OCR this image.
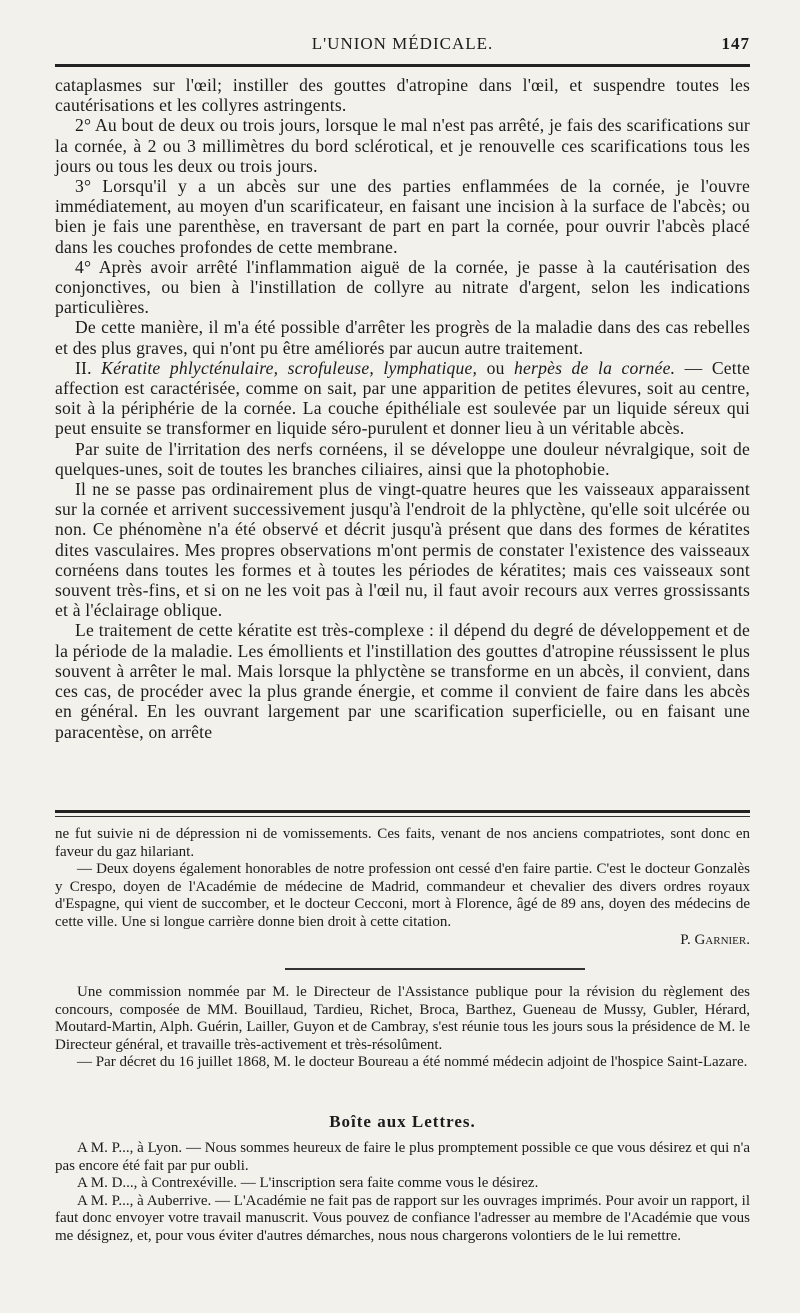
L'UNION MÉDICALE.	147

cataplasmes sur l'œil; instiller des gouttes d'atropine dans l'œil, et suspendre toutes les cautérisations et les collyres astringents.

2° Au bout de deux ou trois jours, lorsque le mal n'est pas arrêté, je fais des scarifications sur la cornée, à 2 ou 3 millimètres du bord sclérotical, et je renouvelle ces scarifications tous les jours ou tous les deux ou trois jours.

3° Lorsqu'il y a un abcès sur une des parties enflammées de la cornée, je l'ouvre immédiatement, au moyen d'un scarificateur, en faisant une incision à la surface de l'abcès; ou bien je fais une parenthèse, en traversant de part en part la cornée, pour ouvrir l'abcès placé dans les couches profondes de cette membrane.

4° Après avoir arrêté l'inflammation aiguë de la cornée, je passe à la cautérisation des conjonctives, ou bien à l'instillation de collyre au nitrate d'argent, selon les indications particulières.

De cette manière, il m'a été possible d'arrêter les progrès de la maladie dans des cas rebelles et des plus graves, qui n'ont pu être améliorés par aucun autre traitement.

II. Kératite phlycténulaire, scrofuleuse, lymphatique, ou herpès de la cornée. — Cette affection est caractérisée, comme on sait, par une apparition de petites élevures, soit au centre, soit à la périphérie de la cornée. La couche épithéliale est soulevée par un liquide séreux qui peut ensuite se transformer en liquide séro-purulent et donner lieu à un véritable abcès.

Par suite de l'irritation des nerfs cornéens, il se développe une douleur névralgique, soit de quelques-unes, soit de toutes les branches ciliaires, ainsi que la photophobie.

Il ne se passe pas ordinairement plus de vingt-quatre heures que les vaisseaux apparaissent sur la cornée et arrivent successivement jusqu'à l'endroit de la phlyctène, qu'elle soit ulcérée ou non. Ce phénomène n'a été observé et décrit jusqu'à présent que dans des formes de kératites dites vasculaires. Mes propres observations m'ont permis de constater l'existence des vaisseaux cornéens dans toutes les formes et à toutes les périodes de kératites; mais ces vaisseaux sont souvent très-fins, et si on ne les voit pas à l'œil nu, il faut avoir recours aux verres grossissants et à l'éclairage oblique.

Le traitement de cette kératite est très-complexe : il dépend du degré de développement et de la période de la maladie. Les émollients et l'instillation des gouttes d'atropine réussissent le plus souvent à arrêter le mal. Mais lorsque la phlyctène se transforme en un abcès, il convient, dans ces cas, de procéder avec la plus grande énergie, et comme il convient de faire dans les abcès en général. En les ouvrant largement par une scarification superficielle, ou en faisant une paracentèse, on arrête

ne fut suivie ni de dépression ni de vomissements. Ces faits, venant de nos anciens compatriotes, sont donc en faveur du gaz hilariant.

— Deux doyens également honorables de notre profession ont cessé d'en faire partie. C'est le docteur Gonzalès y Crespo, doyen de l'Académie de médecine de Madrid, commandeur et chevalier des divers ordres royaux d'Espagne, qui vient de succomber, et le docteur Cecconi, mort à Florence, âgé de 89 ans, doyen des médecins de cette ville. Une si longue carrière donne bien droit à cette citation.

P. Garnier.

Une commission nommée par M. le Directeur de l'Assistance publique pour la révision du règlement des concours, composée de MM. Bouillaud, Tardieu, Richet, Broca, Barthez, Gueneau de Mussy, Gubler, Hérard, Moutard-Martin, Alph. Guérin, Lailler, Guyon et de Cambray, s'est réunie tous les jours sous la présidence de M. le Directeur général, et travaille très-activement et très-résolûment.

— Par décret du 16 juillet 1868, M. le docteur Boureau a été nommé médecin adjoint de l'hospice Saint-Lazare.

Boîte aux Lettres.

A M. P..., à Lyon. — Nous sommes heureux de faire le plus promptement possible ce que vous désirez et qui n'a pas encore été fait par pur oubli.

A M. D..., à Contrexéville. — L'inscription sera faite comme vous le désirez.

A M. P..., à Auberrive. — L'Académie ne fait pas de rapport sur les ouvrages imprimés. Pour avoir un rapport, il faut donc envoyer votre travail manuscrit. Vous pouvez de confiance l'adresser au membre de l'Académie que vous me désignez, et, pour vous éviter d'autres démarches, nous nous chargerons volontiers de le lui remettre.
